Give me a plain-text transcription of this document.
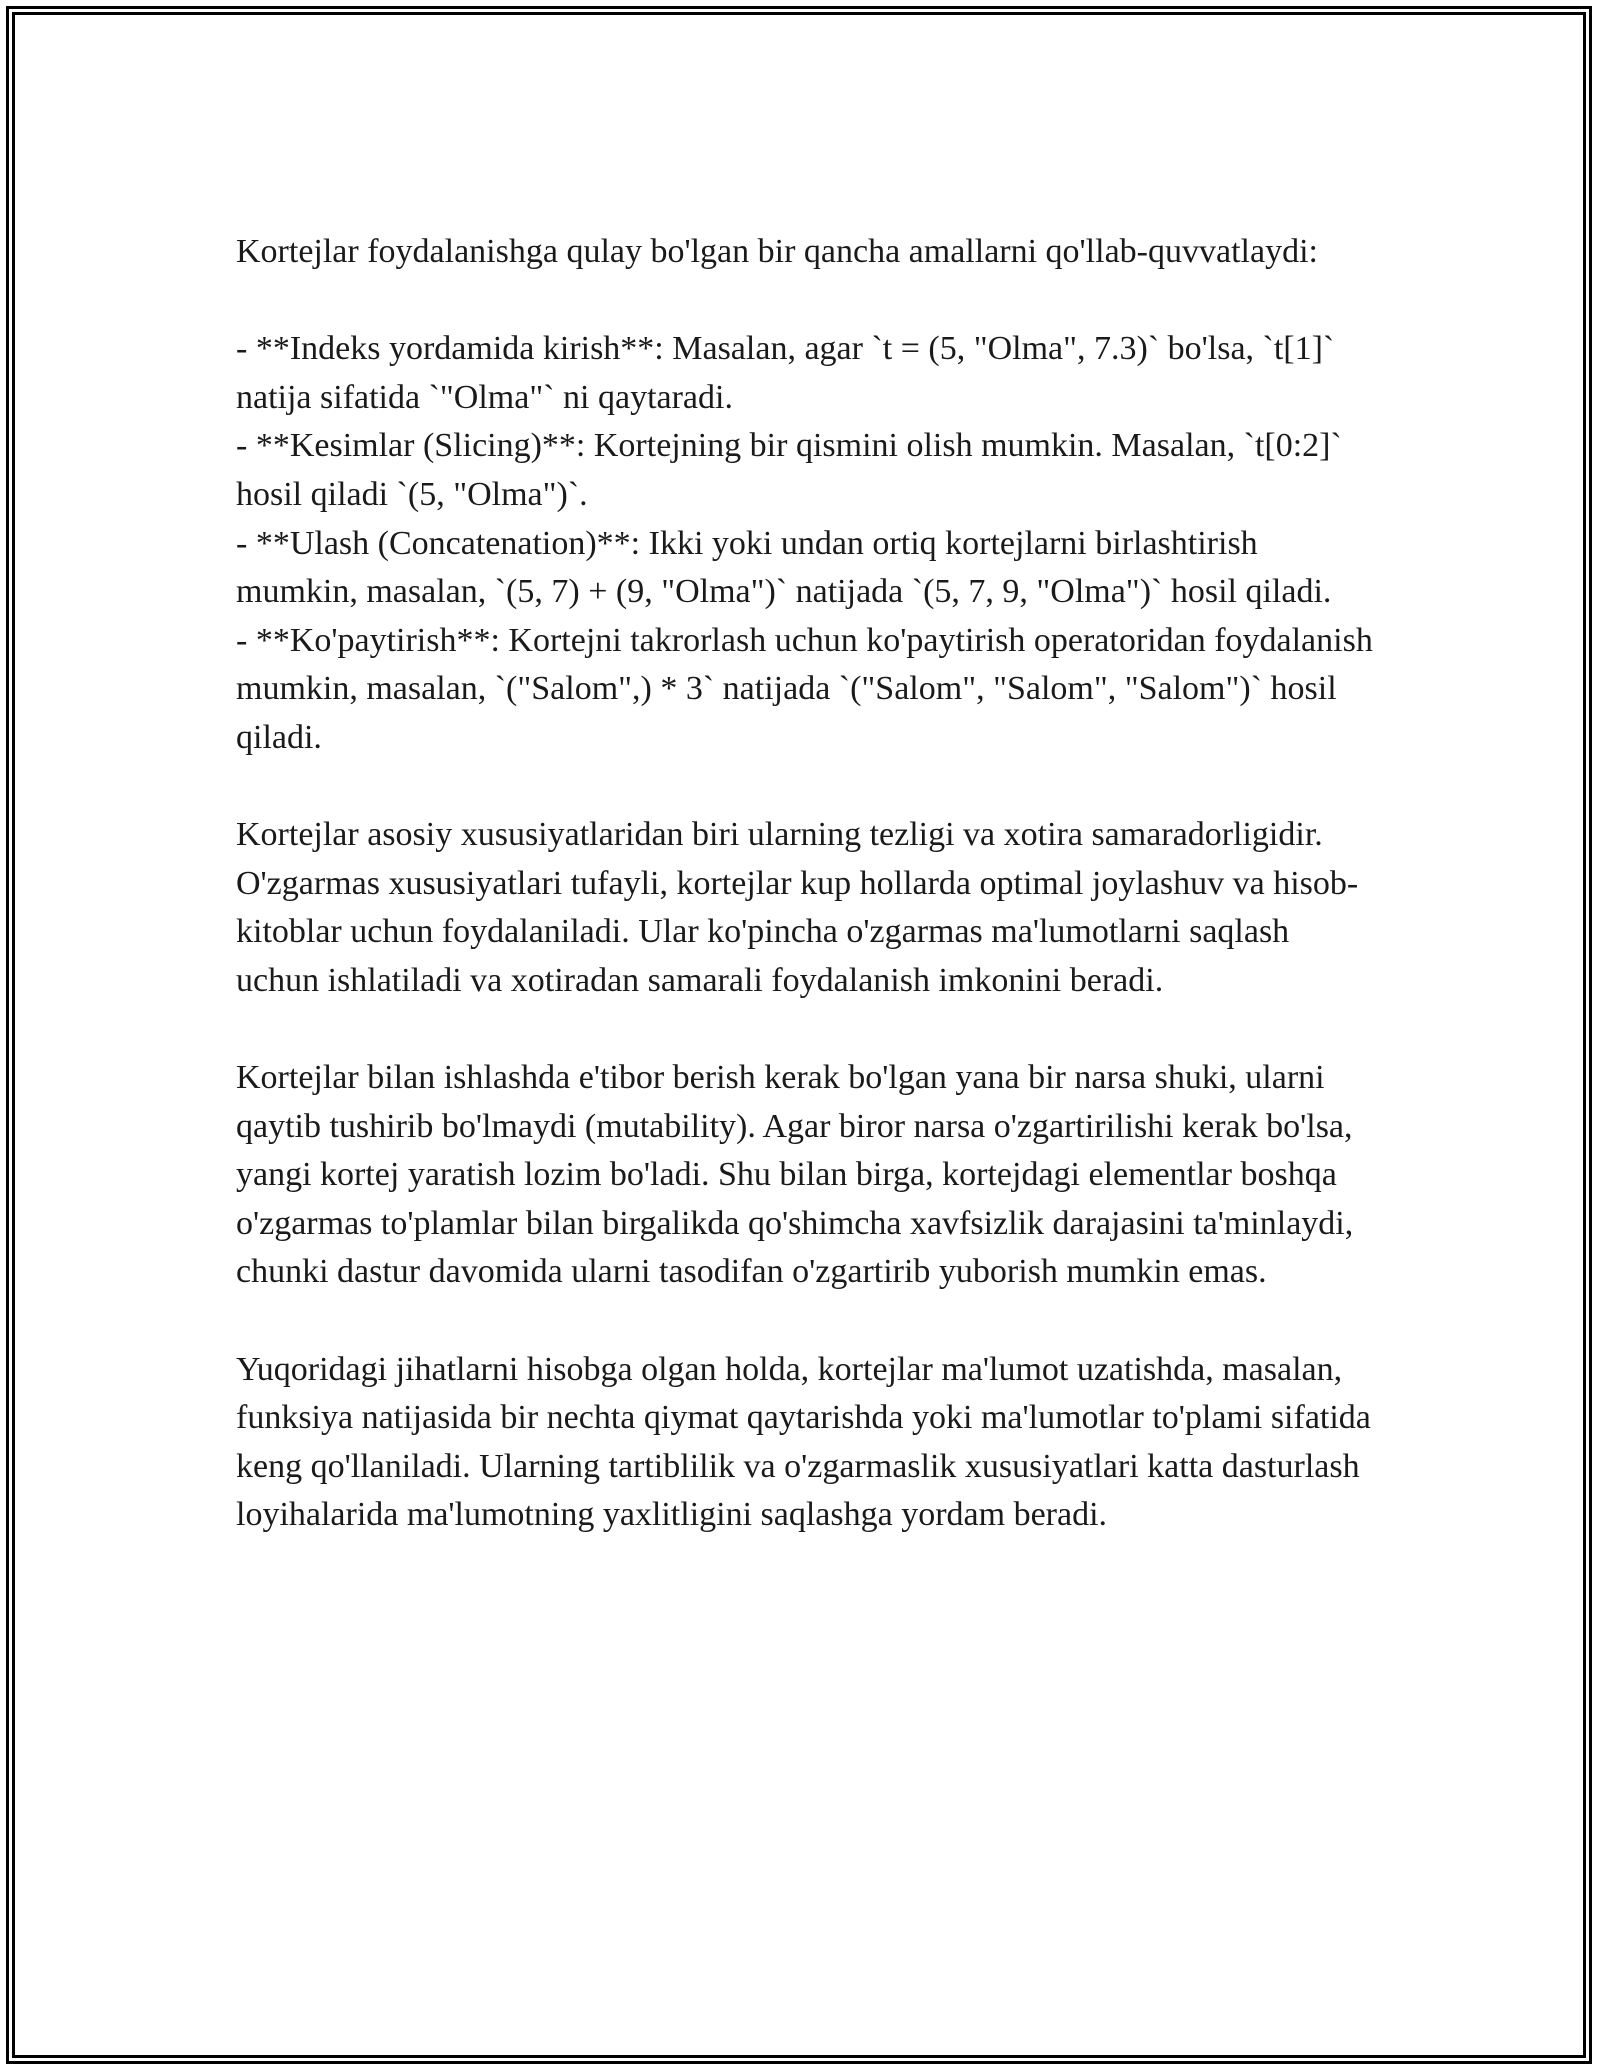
Kortejlar foydalanishga qulay bo'lgan bir qancha amallarni qo'llab-quvvatlaydi:

- **Indeks yordamida kirish**: Masalan, agar `t = (5, "Olma", 7.3)` bo'lsa, `t[1]` natija sifatida `"Olma"` ni qaytaradi.

- **Kesimlar (Slicing)**: Kortejning bir qismini olish mumkin. Masalan, `t[0:2]` hosil qiladi `(5, "Olma")`.

- **Ulash (Concatenation)**: Ikki yoki undan ortiq kortejlarni birlashtirish mumkin, masalan, `(5, 7) + (9, "Olma")` natijada `(5, 7, 9, "Olma")` hosil qiladi.

- **Ko'paytirish**: Kortejni takrorlash uchun ko'paytirish operatoridan foydalanish mumkin, masalan, `("Salom",) * 3` natijada `("Salom", "Salom", "Salom")` hosil qiladi.

Kortejlar asosiy xususiyatlaridan biri ularning tezligi va xotira samaradorligidir. O'zgarmas xususiyatlari tufayli, kortejlar kup hollarda optimal joylashuv va hisob-kitoblar uchun foydalaniladi. Ular ko'pincha o'zgarmas ma'lumotlarni saqlash uchun ishlatiladi va xotiradan samarali foydalanish imkonini beradi.

Kortejlar bilan ishlashda e'tibor berish kerak bo'lgan yana bir narsa shuki, ularni qaytib tushirib bo'lmaydi (mutability). Agar biror narsa o'zgartirilishi kerak bo'lsa, yangi kortej yaratish lozim bo'ladi. Shu bilan birga, kortejdagi elementlar boshqa o'zgarmas to'plamlar bilan birgalikda qo'shimcha xavfsizlik darajasini ta'minlaydi, chunki dastur davomida ularni tasodifan o'zgartirib yuborish mumkin emas.

Yuqoridagi jihatlarni hisobga olgan holda, kortejlar ma'lumot uzatishda, masalan, funksiya natijasida bir nechta qiymat qaytarishda yoki ma'lumotlar to'plami sifatida keng qo'llaniladi. Ularning tartiblilik va o'zgarmaslik xususiyatlari katta dasturlash loyihalarida ma'lumotning yaxlitligini saqlashga yordam beradi.
